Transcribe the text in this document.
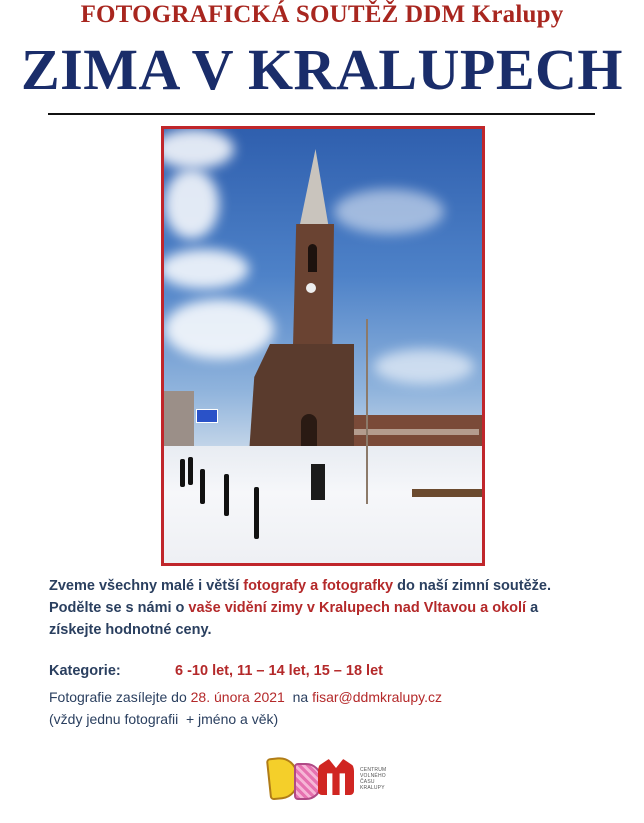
FOTOGRAFICKÁ SOUTĚŽ DDM Kralupy
ZIMA V KRALUPECH
Zveme všechny malé i větší fotografy a fotografky do naší zimní soutěže.
Podělte se s námi o vaše vidění zimy v Kralupech nad Vltavou a okolí a
získejte hodnotné ceny.
Kategorie:	6 -10 let, 11 – 14 let, 15 – 18 let
Fotografie zasílejte do 28. února 2021  na fisar@ddmkralupy.cz
(vždy jednu fotografii  + jméno a věk)
CENTRUM
VOLNÉHO
ČASU
KRALUPY
